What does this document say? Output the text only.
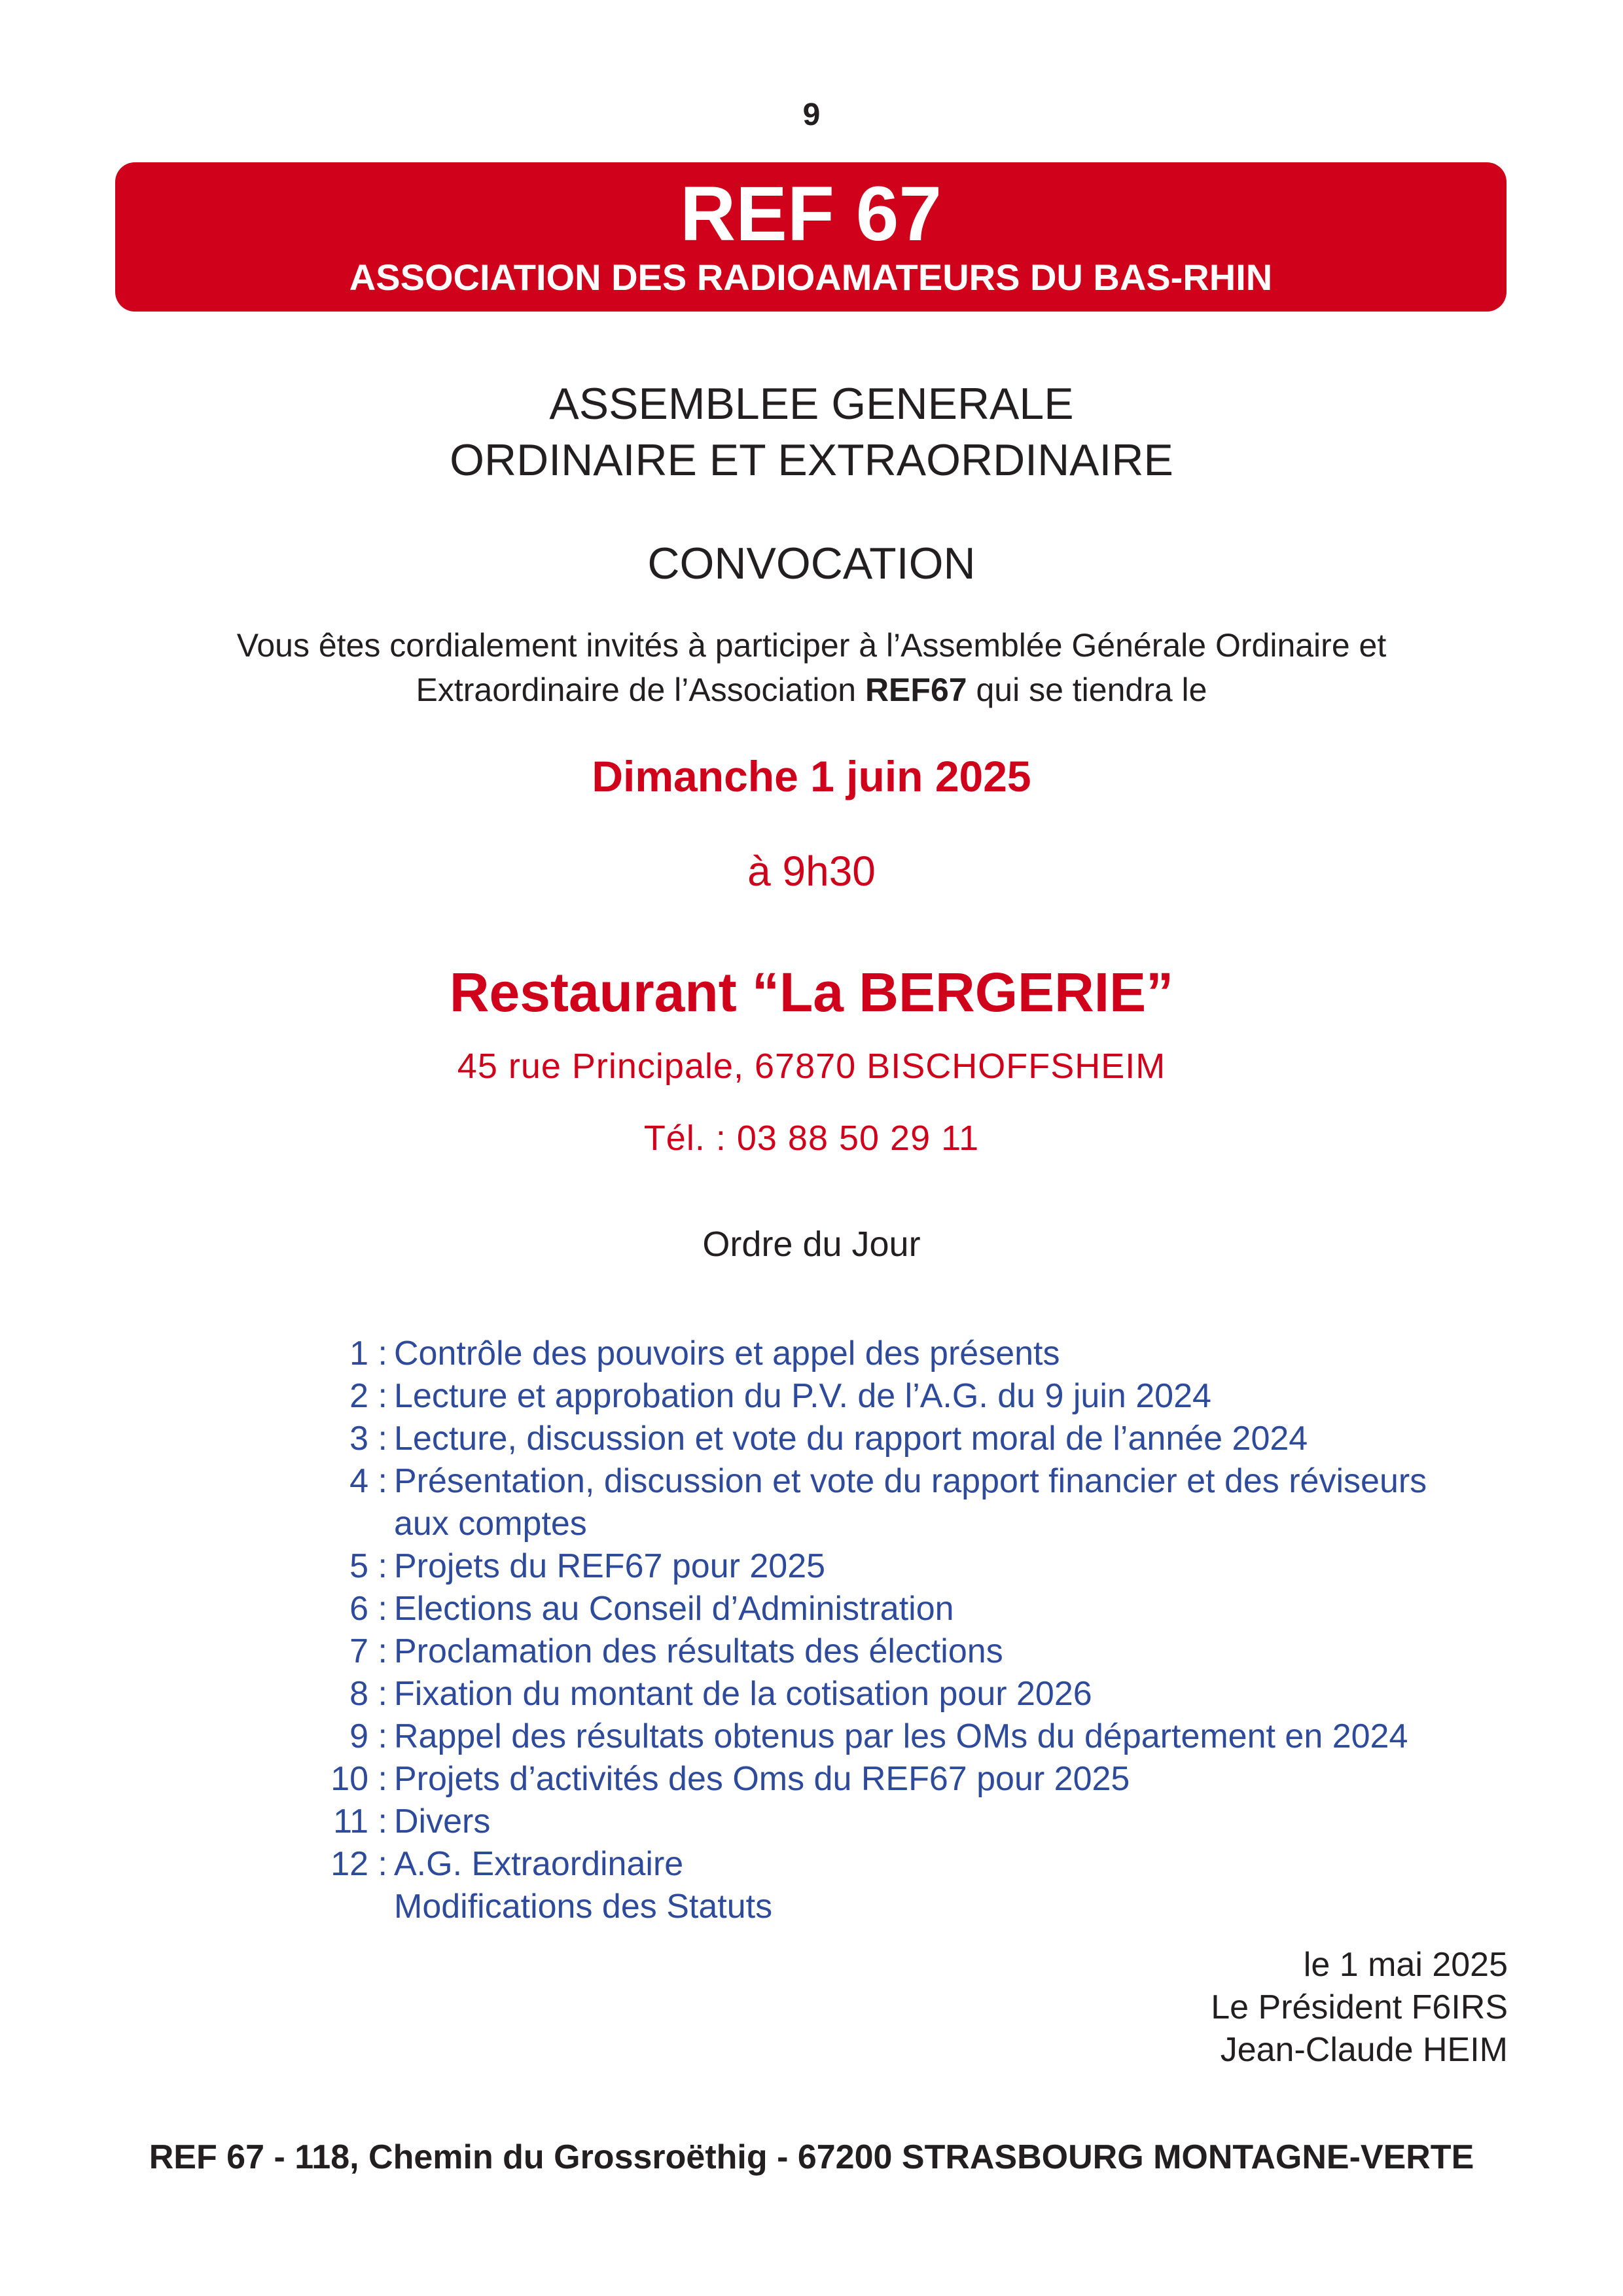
9
REF 67
ASSOCIATION DES RADIOAMATEURS DU BAS-RHIN
ASSEMBLEE GENERALE
ORDINAIRE ET EXTRAORDINAIRE
CONVOCATION
Vous êtes cordialement invités à participer à l’Assemblée Générale Ordinaire et
Extraordinaire de l’Association REF67 qui se tiendra le
Dimanche 1 juin 2025
à 9h30
Restaurant “La BERGERIE”
45 rue Principale, 67870 BISCHOFFSHEIM
Tél. : 03 88 50 29 11
Ordre du Jour
1 : Contrôle des pouvoirs et appel des présents
2 : Lecture et approbation du P.V. de l’A.G. du 9 juin 2024
3 : Lecture, discussion et vote du rapport moral de l’année 2024
4 : Présentation, discussion et vote du rapport financier et des réviseurs
aux comptes
5 : Projets du REF67 pour 2025
6 : Elections au Conseil d’Administration
7 : Proclamation des résultats des élections
8 : Fixation du montant de la cotisation pour 2026
9 : Rappel des résultats obtenus par les OMs du département en 2024
10 : Projets d’activités des Oms du REF67 pour 2025
11 : Divers
12 : A.G. Extraordinaire
Modifications des Statuts
le 1 mai 2025
Le Président F6IRS
Jean-Claude HEIM
REF 67 - 118, Chemin du Grossroëthig - 67200 STRASBOURG MONTAGNE-VERTE
